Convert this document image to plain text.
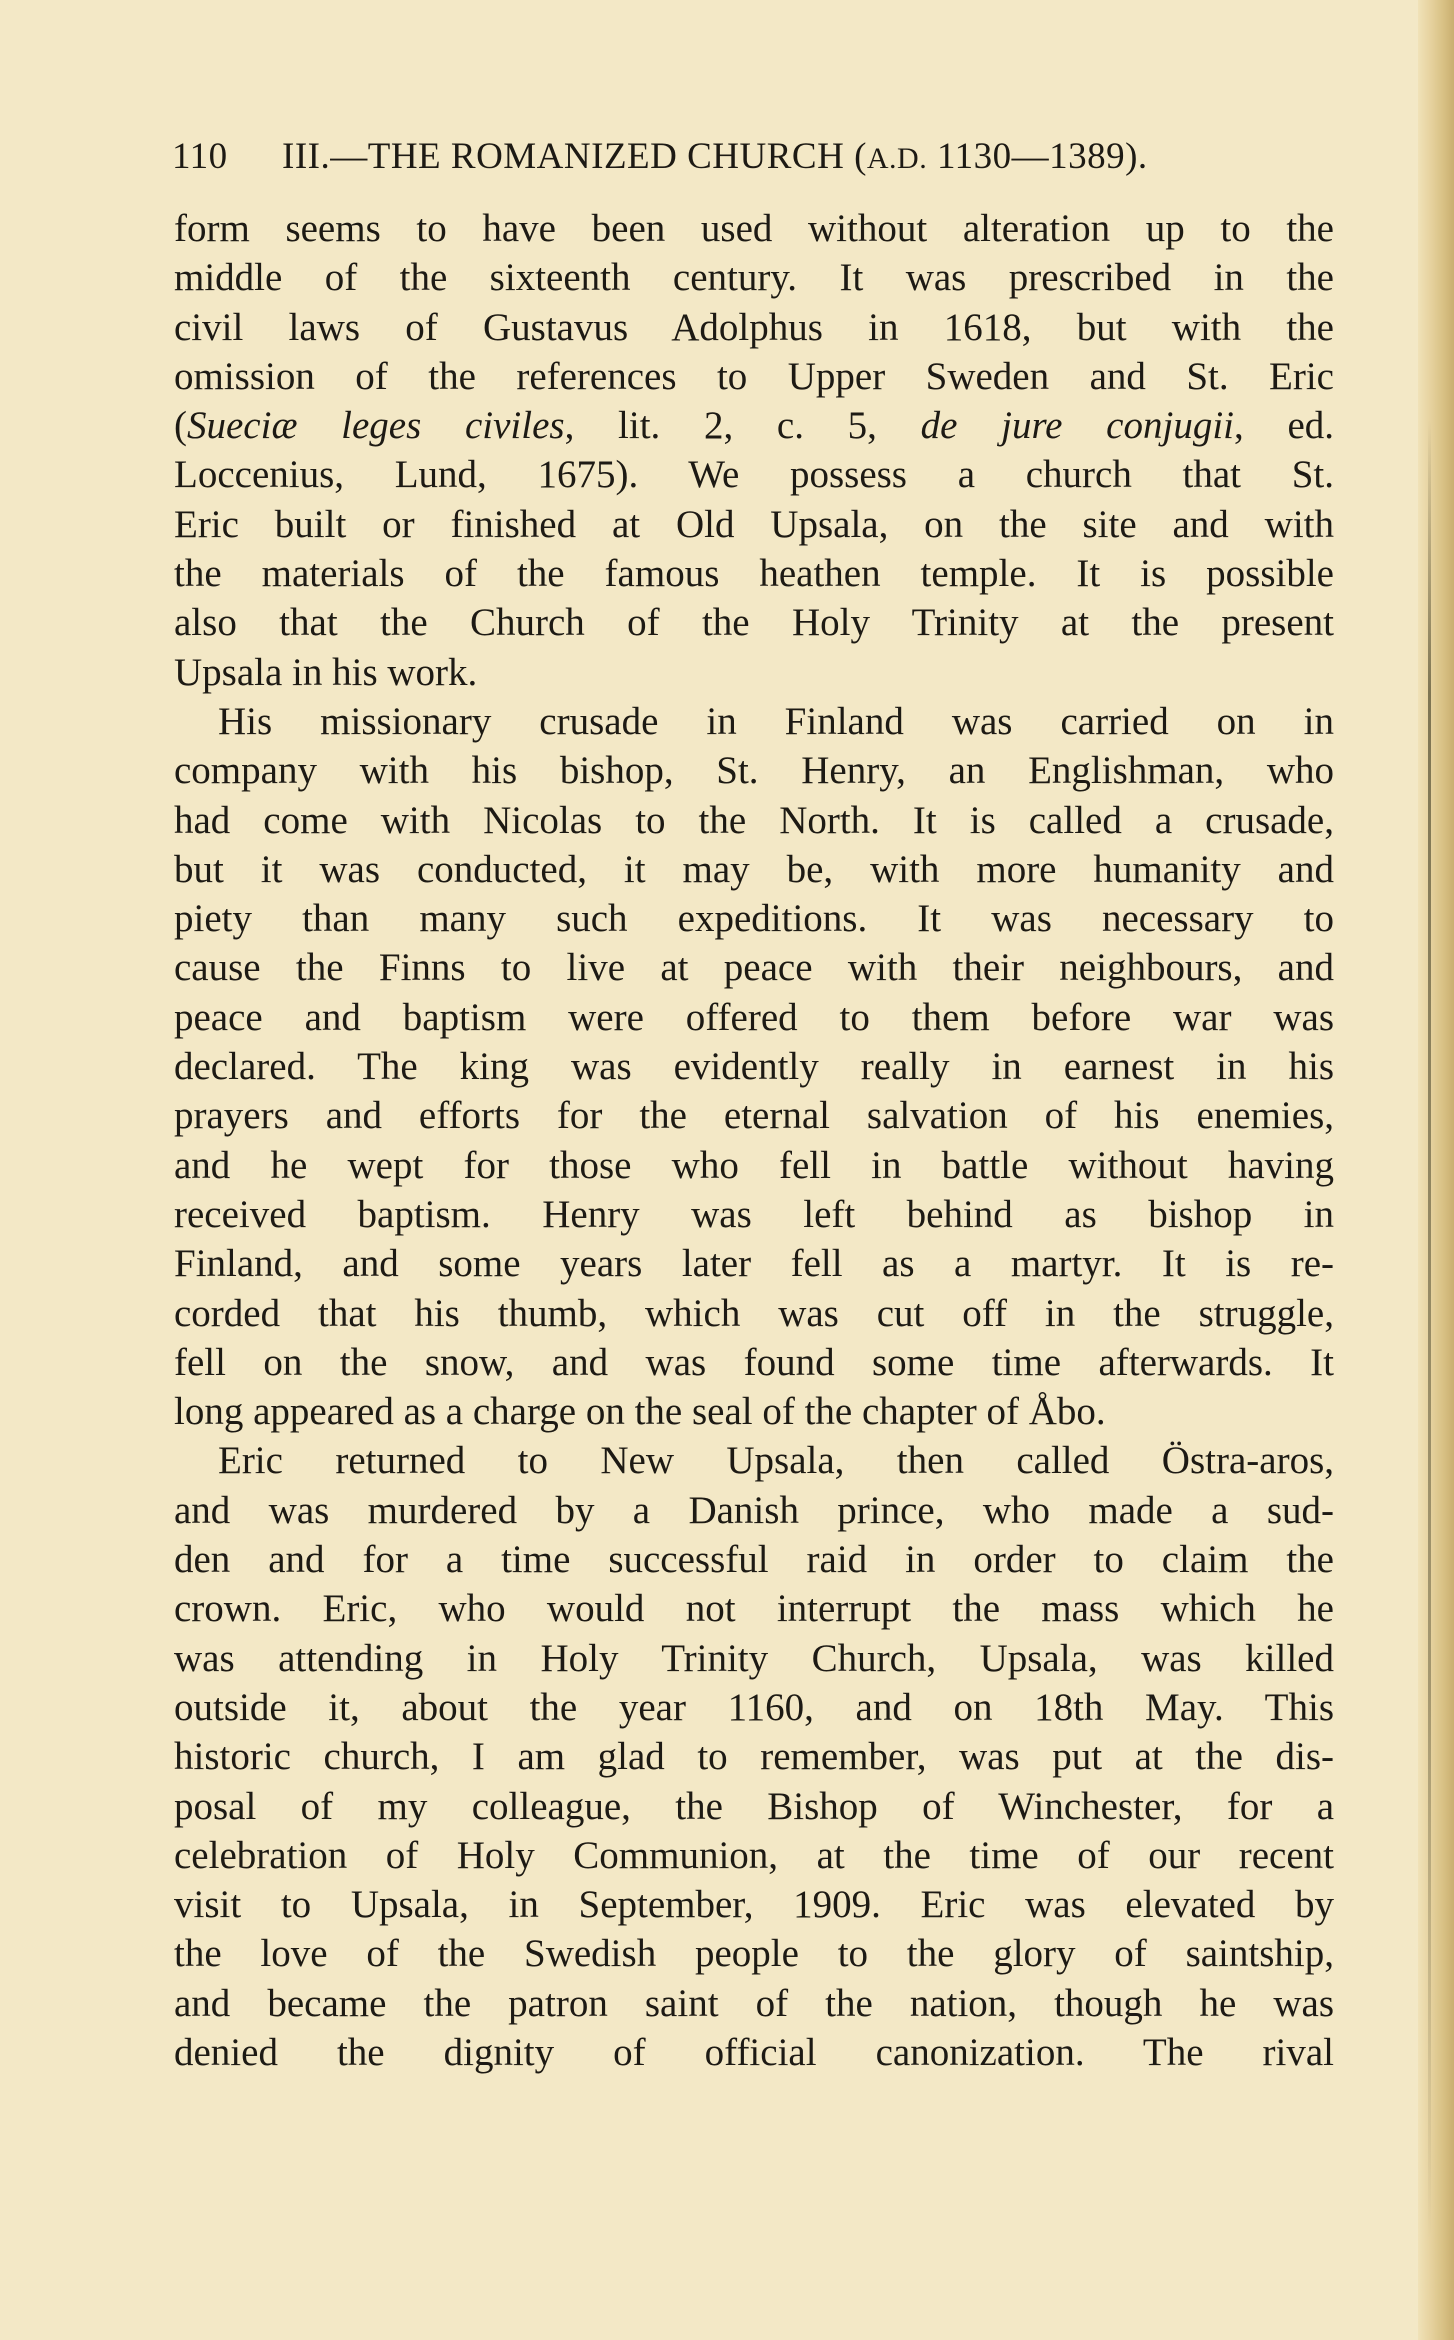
110 III.—THE ROMANIZED CHURCH (A.D. 1130—1389).
form seems to have been used without alteration up to the
middle of the sixteenth century. It was prescribed in the
civil laws of Gustavus Adolphus in 1618, but with the
omission of the references to Upper Sweden and St. Eric
(Sueciæ leges civiles, lit. 2, c. 5, de jure conjugii, ed.
Loccenius, Lund, 1675). We possess a church that St.
Eric built or finished at Old Upsala, on the site and with
the materials of the famous heathen temple. It is possible
also that the Church of the Holy Trinity at the present
Upsala in his work.
His missionary crusade in Finland was carried on in
company with his bishop, St. Henry, an Englishman, who
had come with Nicolas to the North. It is called a crusade,
but it was conducted, it may be, with more humanity and
piety than many such expeditions. It was necessary to
cause the Finns to live at peace with their neighbours, and
peace and baptism were offered to them before war was
declared. The king was evidently really in earnest in his
prayers and efforts for the eternal salvation of his enemies,
and he wept for those who fell in battle without having
received baptism. Henry was left behind as bishop in
Finland, and some years later fell as a martyr. It is re-
corded that his thumb, which was cut off in the struggle,
fell on the snow, and was found some time afterwards. It
long appeared as a charge on the seal of the chapter of Åbo.
Eric returned to New Upsala, then called Östra-aros,
and was murdered by a Danish prince, who made a sud-
den and for a time successful raid in order to claim the
crown. Eric, who would not interrupt the mass which he
was attending in Holy Trinity Church, Upsala, was killed
outside it, about the year 1160, and on 18th May. This
historic church, I am glad to remember, was put at the dis-
posal of my colleague, the Bishop of Winchester, for a
celebration of Holy Communion, at the time of our recent
visit to Upsala, in September, 1909. Eric was elevated by
the love of the Swedish people to the glory of saintship,
and became the patron saint of the nation, though he was
denied the dignity of official canonization. The rival
